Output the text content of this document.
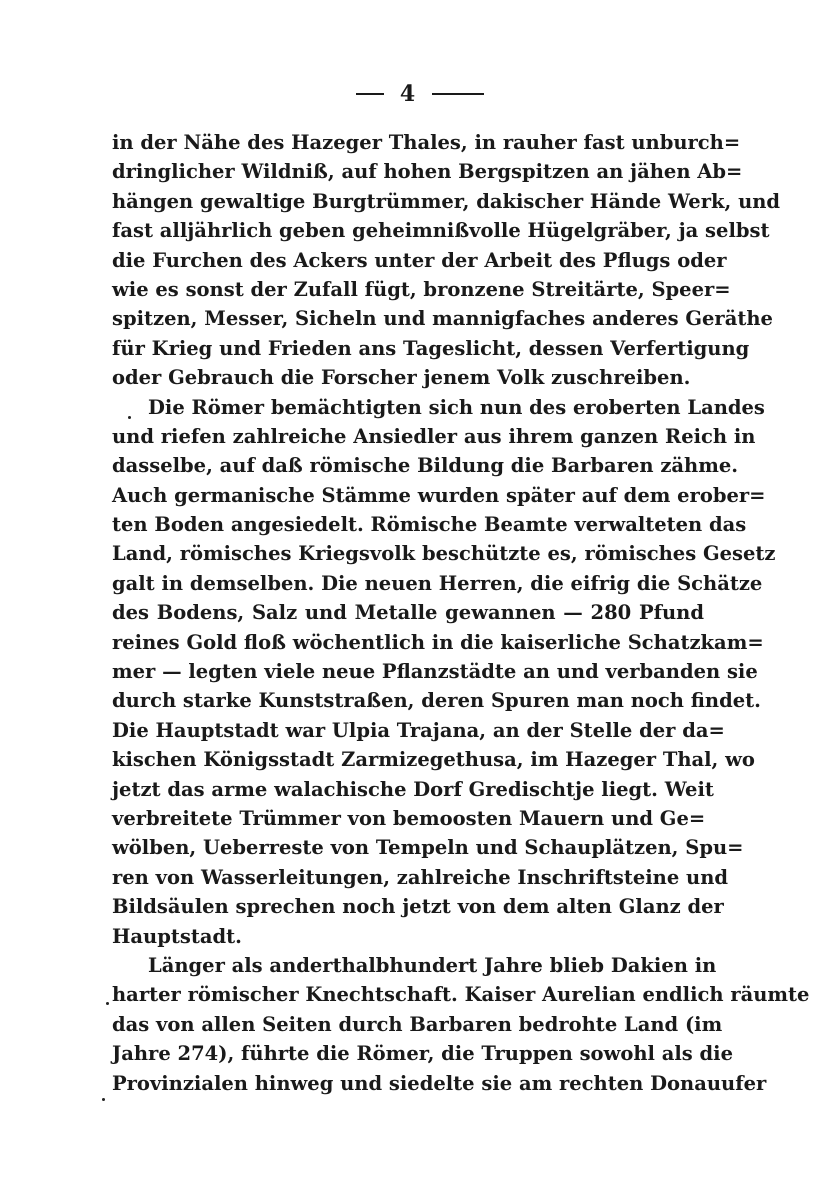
4
in der Nähe des Hazeger Thales, in rauher fast unburch=
dringlicher Wildniß, auf hohen Bergspitzen an jähen Ab=
hängen gewaltige Burgtrümmer, dakischer Hände Werk, und
fast alljährlich geben geheimnißvolle Hügelgräber, ja selbst
die Furchen des Ackers unter der Arbeit des Pflugs oder
wie es sonst der Zufall fügt, bronzene Streitärte, Speer=
spitzen, Messer, Sicheln und mannigfaches anderes Geräthe
für Krieg und Frieden ans Tageslicht, dessen Verfertigung
oder Gebrauch die Forscher jenem Volk zuschreiben.
Die Römer bemächtigten sich nun des eroberten Landes
und riefen zahlreiche Ansiedler aus ihrem ganzen Reich in
dasselbe, auf daß römische Bildung die Barbaren zähme.
Auch germanische Stämme wurden später auf dem erober=
ten Boden angesiedelt. Römische Beamte verwalteten das
Land, römisches Kriegsvolk beschützte es, römisches Gesetz
galt in demselben. Die neuen Herren, die eifrig die Schätze
des Bodens, Salz und Metalle gewannen — 280 Pfund
reines Gold floß wöchentlich in die kaiserliche Schatzkam=
mer — legten viele neue Pflanzstädte an und verbanden sie
durch starke Kunststraßen, deren Spuren man noch findet.
Die Hauptstadt war Ulpia Trajana, an der Stelle der da=
kischen Königsstadt Zarmizegethusa, im Hazeger Thal, wo
jetzt das arme walachische Dorf Gredischtje liegt. Weit
verbreitete Trümmer von bemoosten Mauern und Ge=
wölben, Ueberreste von Tempeln und Schauplätzen, Spu=
ren von Wasserleitungen, zahlreiche Inschriftsteine und
Bildsäulen sprechen noch jetzt von dem alten Glanz der
Hauptstadt.
Länger als anderthalbhundert Jahre blieb Dakien in
harter römischer Knechtschaft. Kaiser Aurelian endlich räumte
das von allen Seiten durch Barbaren bedrohte Land (im
Jahre 274), führte die Römer, die Truppen sowohl als die
Provinzialen hinweg und siedelte sie am rechten Donauufer
